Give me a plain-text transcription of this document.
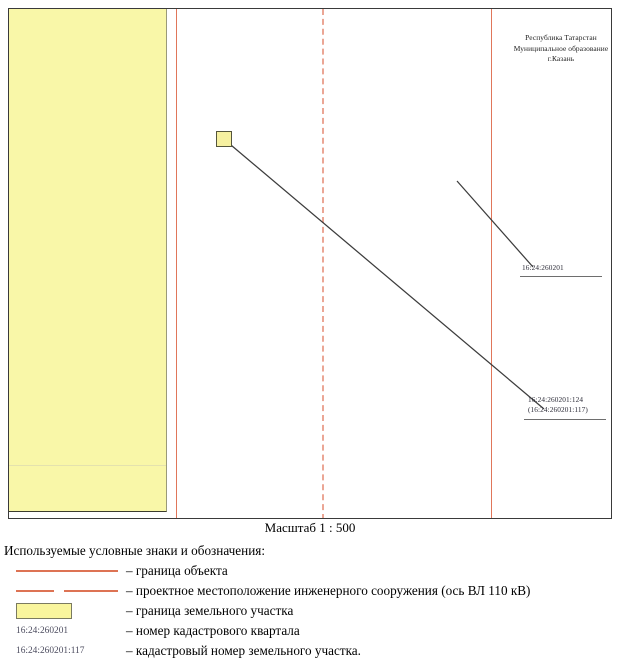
Республика Татарстан
Муниципальное образование
г.Казань
16:24:260201
16:24:260201:124
(16:24:260201:117)
Масштаб 1 : 500
Используемые условные знаки и обозначения:
– граница объекта
– проектное местоположение инженерного сооружения (ось ВЛ 110 кВ)
– граница земельного участка
16:24:260201	– номер кадастрового квартала
16:24:260201:117	– кадастровый номер земельного участка.
